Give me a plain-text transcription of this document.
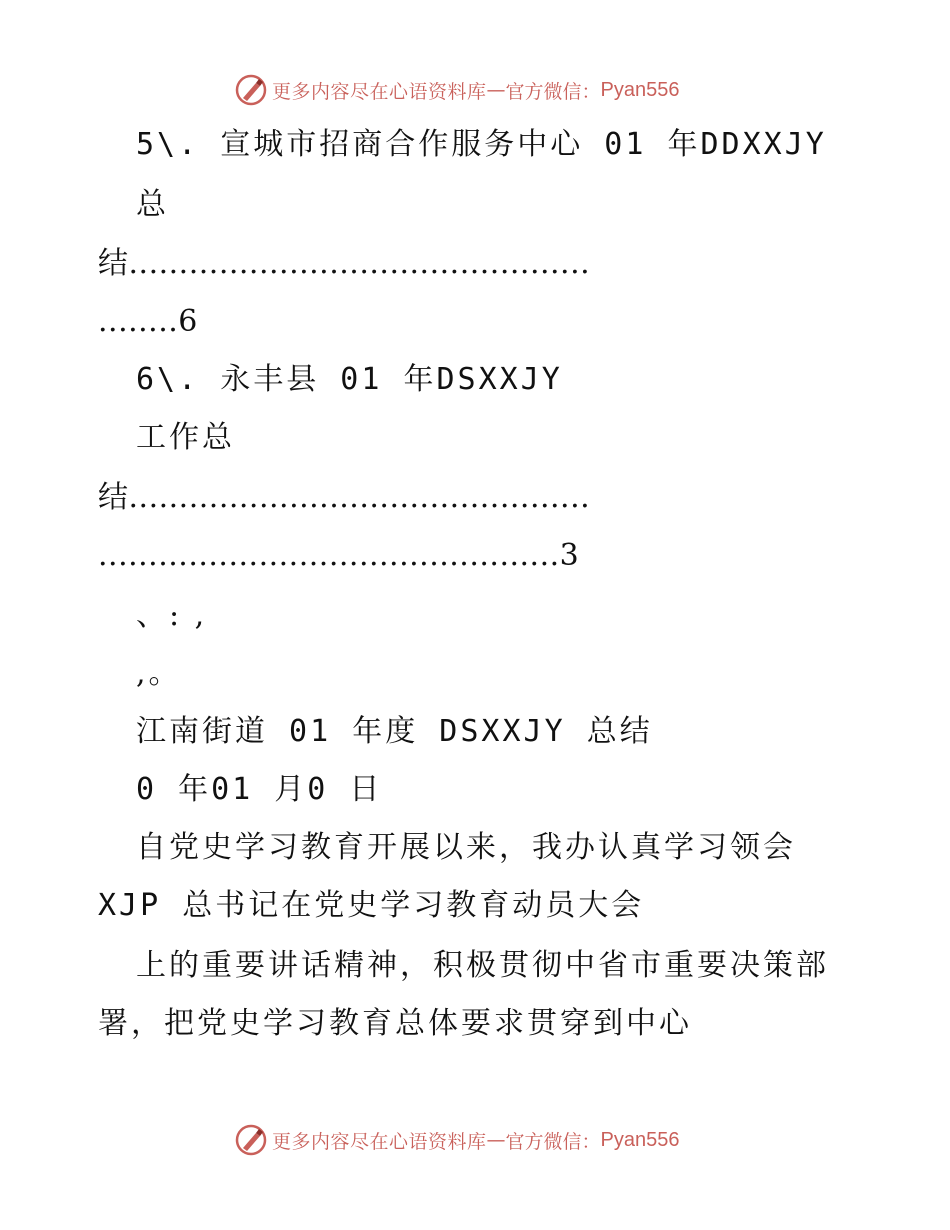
更多内容尽在心语资料库 — 官方微信： Pyan556
5\. 宣城市招商合作服务中心 01 年DDXXJY
总
结..............................................
........6
6\. 永丰县 01 年DSXXJY
工作总
结..............................................
..............................................3
、: ,
,。
江南街道 01 年度 DSXXJY 总结
0 年01 月0 日
自党史学习教育开展以来，我办认真学习领会
XJP 总书记在党史学习教育动员大会
上的重要讲话精神，积极贯彻中省市重要决策部
署，把党史学习教育总体要求贯穿到中心
更多内容尽在心语资料库 — 官方微信： Pyan556
